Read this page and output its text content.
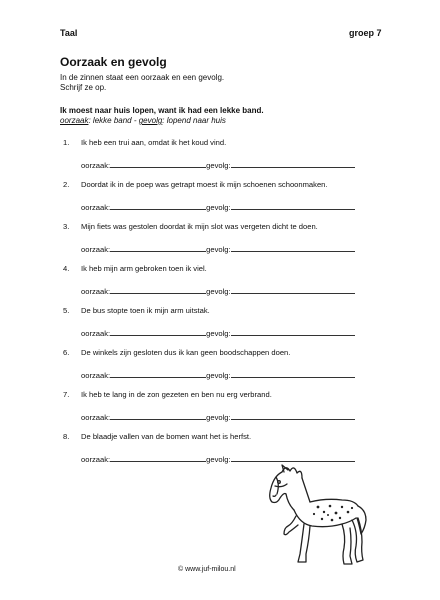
Taal	groep 7
Oorzaak en gevolg
In de zinnen staat een oorzaak en een gevolg.
Schrijf ze op.
Ik moest naar huis lopen, want ik had een lekke band.
oorzaak: lekke band - gevolg: lopend naar huis
1. Ik heb een trui aan, omdat ik het koud vind.
oorzaak:	gevolg:
2. Doordat ik in de poep was getrapt moest ik mijn schoenen schoonmaken.
oorzaak:	gevolg:
3. Mijn fiets was gestolen doordat ik mijn slot was vergeten dicht te doen.
oorzaak:	gevolg:
4. Ik heb mijn arm gebroken toen ik viel.
oorzaak:	gevolg:
5. De bus stopte toen ik mijn arm uitstak.
oorzaak:	gevolg:
6. De winkels zijn gesloten dus ik kan geen boodschappen doen.
oorzaak:	gevolg:
7. Ik heb te lang in de zon gezeten en ben nu erg verbrand.
oorzaak:	gevolg:
8. De blaadje vallen van de bomen want het is herfst.
oorzaak:	gevolg:
© www.juf-milou.nl
